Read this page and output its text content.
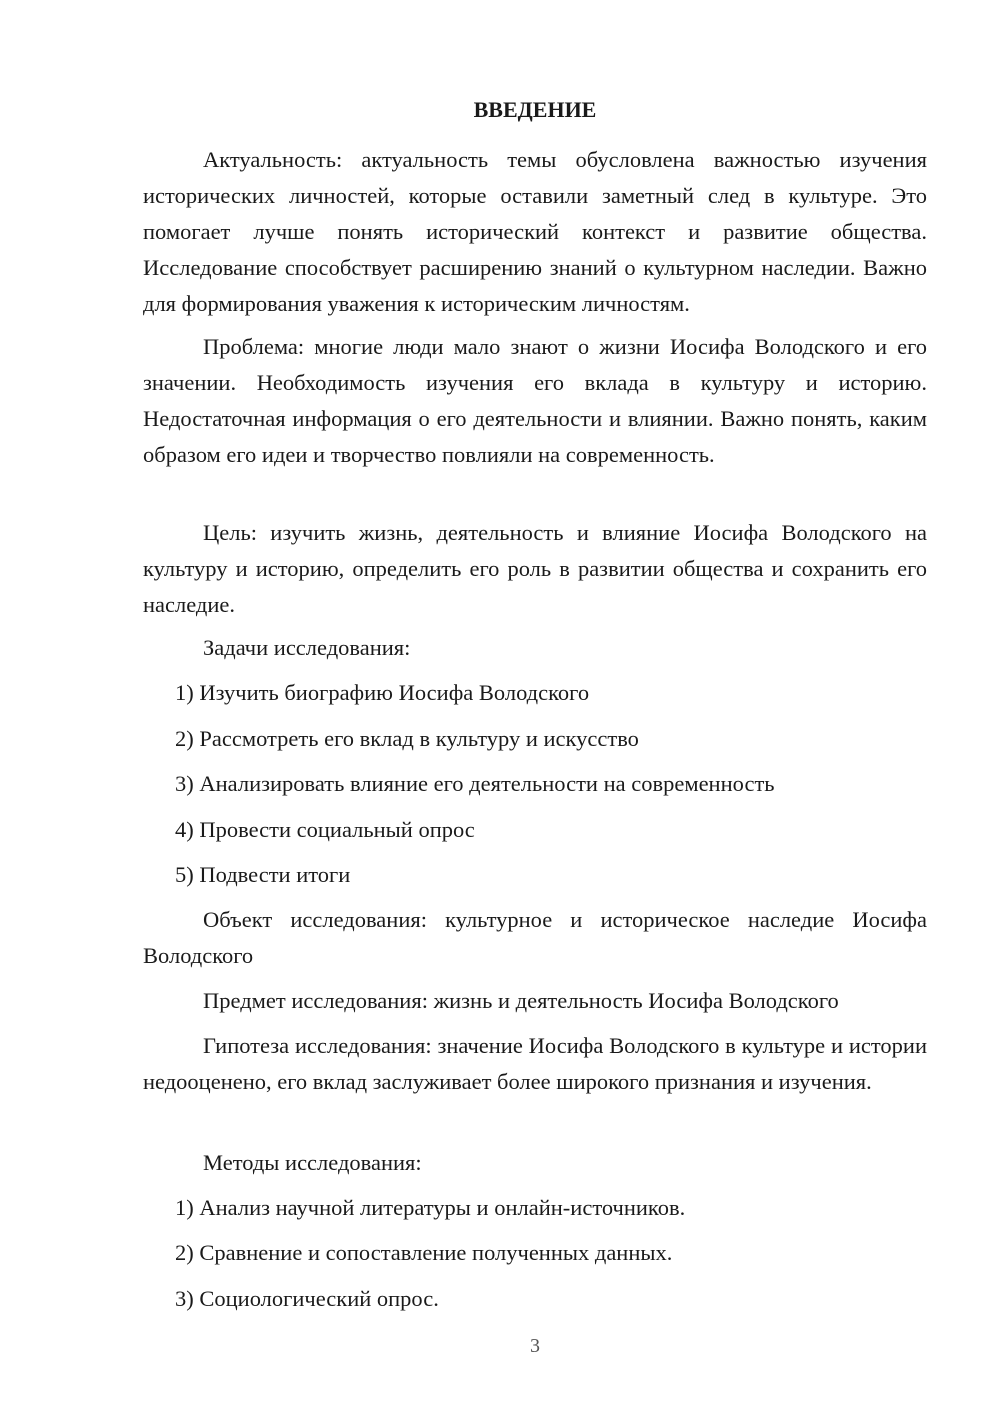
ВВЕДЕНИЕ

Актуальность: актуальность темы обусловлена важностью изучения исторических личностей, которые оставили заметный след в культуре. Это помогает лучше понять исторический контекст и развитие общества. Исследование способствует расширению знаний о культурном наследии. Важно для формирования уважения к историческим личностям.

Проблема: многие люди мало знают о жизни Иосифа Володского и его значении. Необходимость изучения его вклада в культуру и историю. Недостаточная информация о его деятельности и влиянии. Важно понять, каким образом его идеи и творчество повлияли на современность.

Цель: изучить жизнь, деятельность и влияние Иосифа Володского на культуру и историю, определить его роль в развитии общества и сохранить его наследие.

Задачи исследования:

1) Изучить биографию Иосифа Володского

2) Рассмотреть его вклад в культуру и искусство

3) Анализировать влияние его деятельности на современность

4) Провести социальный опрос

5) Подвести итоги

Объект исследования: культурное и историческое наследие Иосифа Володского

Предмет исследования: жизнь и деятельность Иосифа Володского

Гипотеза исследования: значение Иосифа Володского в культуре и истории недооценено, его вклад заслуживает более широкого признания и изучения.

Методы исследования:

1) Анализ научной литературы и онлайн-источников.

2) Сравнение и сопоставление полученных данных.

3) Социологический опрос.

3
